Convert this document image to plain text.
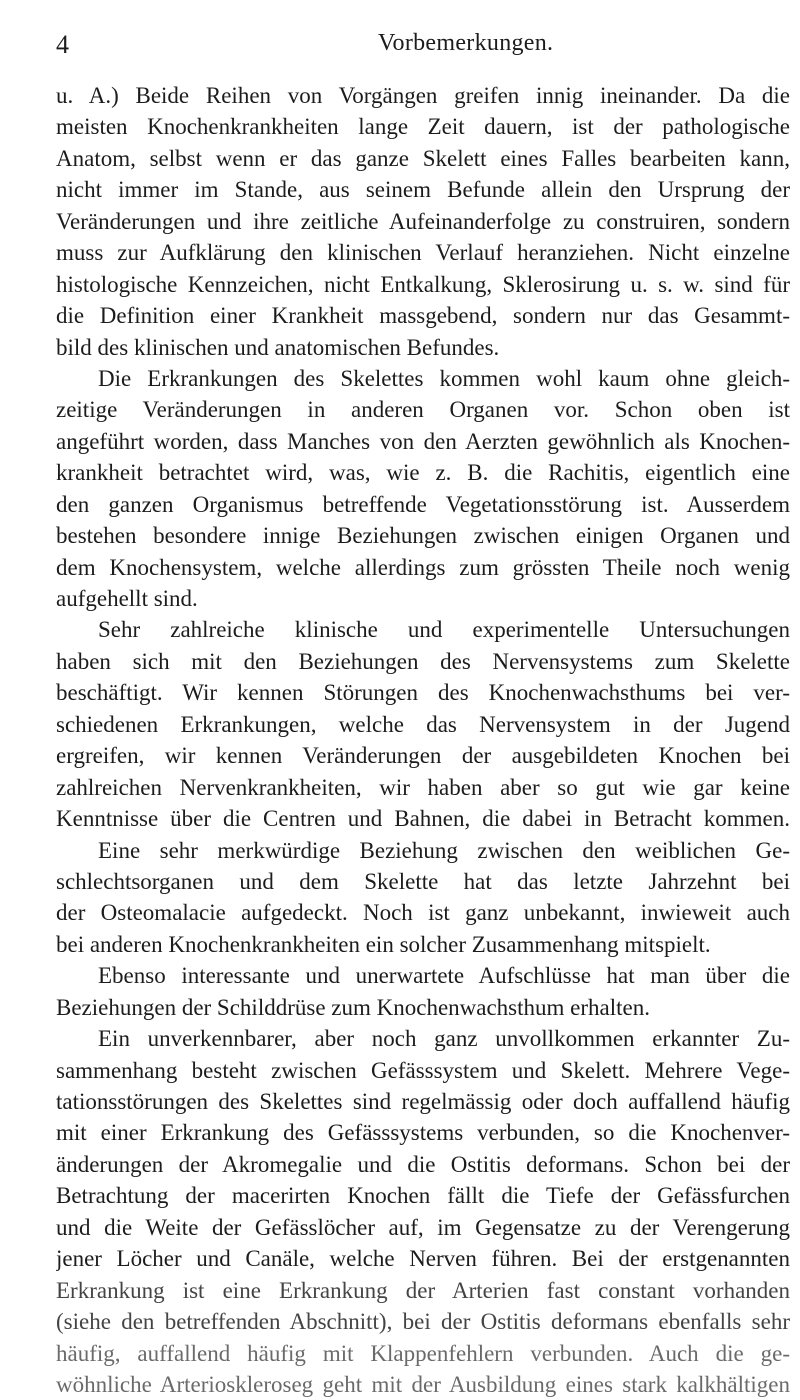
4	Vorbemerkungen.
u. A.) Beide Reihen von Vorgängen greifen innig ineinander. Da die
meisten Knochenkrankheiten lange Zeit dauern, ist der pathologische
Anatom, selbst wenn er das ganze Skelett eines Falles bearbeiten kann,
nicht immer im Stande, aus seinem Befunde allein den Ursprung der
Veränderungen und ihre zeitliche Aufeinanderfolge zu construiren, sondern
muss zur Aufklärung den klinischen Verlauf heranziehen. Nicht einzelne
histologische Kennzeichen, nicht Entkalkung, Sklerosirung u. s. w. sind für
die Definition einer Krankheit massgebend, sondern nur das Gesammt-
bild des klinischen und anatomischen Befundes.
Die Erkrankungen des Skelettes kommen wohl kaum ohne gleich-
zeitige Veränderungen in anderen Organen vor. Schon oben ist
angeführt worden, dass Manches von den Aerzten gewöhnlich als Knochen-
krankheit betrachtet wird, was, wie z. B. die Rachitis, eigentlich eine
den ganzen Organismus betreffende Vegetationsstörung ist. Ausserdem
bestehen besondere innige Beziehungen zwischen einigen Organen und
dem Knochensystem, welche allerdings zum grössten Theile noch wenig
aufgehellt sind.
Sehr zahlreiche klinische und experimentelle Untersuchungen
haben sich mit den Beziehungen des Nervensystems zum Skelette
beschäftigt. Wir kennen Störungen des Knochenwachsthums bei ver-
schiedenen Erkrankungen, welche das Nervensystem in der Jugend
ergreifen, wir kennen Veränderungen der ausgebildeten Knochen bei
zahlreichen Nervenkrankheiten, wir haben aber so gut wie gar keine
Kenntnisse über die Centren und Bahnen, die dabei in Betracht kommen.
Eine sehr merkwürdige Beziehung zwischen den weiblichen Ge-
schlechtsorganen und dem Skelette hat das letzte Jahrzehnt bei
der Osteomalacie aufgedeckt. Noch ist ganz unbekannt, inwieweit auch
bei anderen Knochenkrankheiten ein solcher Zusammenhang mitspielt.
Ebenso interessante und unerwartete Aufschlüsse hat man über die
Beziehungen der Schilddrüse zum Knochenwachsthum erhalten.
Ein unverkennbarer, aber noch ganz unvollkommen erkannter Zu-
sammenhang besteht zwischen Gefässsystem und Skelett. Mehrere Vege-
tationsstörungen des Skelettes sind regelmässig oder doch auffallend häufig
mit einer Erkrankung des Gefässsystems verbunden, so die Knochenver-
änderungen der Akromegalie und die Ostitis deformans. Schon bei der
Betrachtung der macerirten Knochen fällt die Tiefe der Gefässfurchen
und die Weite der Gefässlöcher auf, im Gegensatze zu der Verengerung
jener Löcher und Canäle, welche Nerven führen. Bei der erstgenannten
Erkrankung ist eine Erkrankung der Arterien fast constant vorhanden
(siehe den betreffenden Abschnitt), bei der Ostitis deformans ebenfalls sehr
häufig, auffallend häufig mit Klappenfehlern verbunden. Auch die ge-
wöhnliche Arterioskleroseg geht mit der Ausbildung eines stark kalkhältigen
